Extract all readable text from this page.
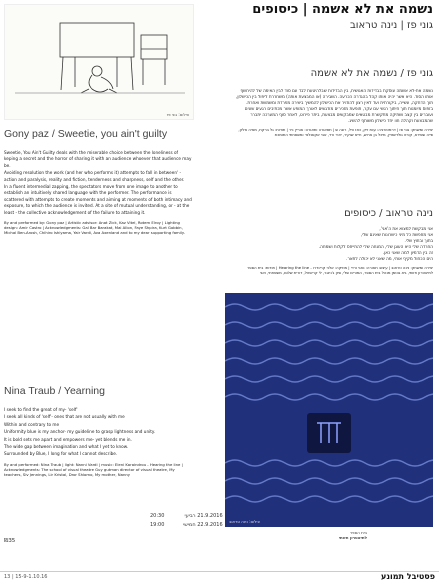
צילום: גוני פז
נשמה את לא אשמה | כיסופים
גוני פז | נינה טראוב
גוני פז / נשמה את לא אשמה

נשמה את-לא אשמה עוסקת בבדידות האנושית, בין הבדידות שבלהיטעת לבד עם סוד לבין האימה של להיחשף אותו הסוד. היא אשר יהיה אותו קהל בהגדרה הכרעה. השבירה (או המבצעת אותה) משחררת ליפול בין הכישלון, תוך הדחקה, עשייה, ביקורתית ועד לאין רצון להחזיר את הכישלון להמשיך ביצירה מפרדת ומשמשת ואחרת.

בזפוס מיומנות תוך חיתוך רגשי עם עקר, תופעת מזכירים מודגשים לאורך המופע אשר מכתיבים רגעים שונים ועוברים בין קצב ושתיקה מתקשרת מבטאים שמבקשים מבצעת, ביתר פירוט, לאחר סוף המערכה יתברר שהמבצעת וקהלה חוו יחד כישלון משותף להשיג.

יצירה ומשחק: גוני פז | דרמטורגיה: ענת זיק, כאז וויל, רונה ש | תפאורה ותאורה: אוריין ניר | תודות: גל ברקת, מאיה אליון, פייה שפירא, קורט גולדשטיין, מיכל בן ארוש, חייא שוקיר, יאיר ורד, אבי אקסנלנד ומשפחתי התומכת
נינה טראוב / כיסופים

אני מבקשת למצוא את ה'אני',

אני מחפשת כל מיני כישרונות שאינם שלי,

בתוך ובחוץ שלי.

החרדה שלי היא העוגן שלי, המנחה שלי להתייחס לקלות ושמחה.

זה בין הדמיון למה שאני כאן.

הים הכחול מקיף אותי, מה שאני לא יכולה לתאר.

יצירה ומשחק: נינה טראוב | עיצוב תאורה: נאני ורדי | מוזיקה: אלני קרינדרו - Hearing the line | תודות: בית הספר לתיאטרון חזותי, גיא גוטמן מנהל בית הספר, המורים שלי, סיון ג'נינגר, לי קריסטל, דורית שלום, משפחתי, ואני
Gony paz / Sweetie, you ain't guilty

Sweetie, You Ain't Guilty deals with the miserable choice between the loneliness of keping a secret and the horror of sharing it with an audience whoever that audience may be.

Avoiding resolution the work (and her who performs it) attempts to fall in between' - action and paralysis, reality and fiction, tenderness and sharpness, self and the other.

In a fluent intermedial zapping, the spectators move from one image to another to establish an intuitively shared language with the performer. The performance is scattered with attempts to create moments and aiming at moments of both intimacy and exposure, to which the audience is invited. At a site of mutual understanding, or - at the least - the collective acknowledgement of the failure to attaining it.

By and preformed by: Gony paz | Artistic advisor: Anat Zick, Kaz Vitel, Rotem Elroy | Lighting design: Amir Castro | Acknowledgments: Gal Bar Barakat, Mai Allon, Faye Shpira, Kurt Gobbin, Michal Ben-Arosh, Chihiro Ishiyama, Yair Vardi, Ava Axenland and to my dear supporting family.
Nina Traub / Yearning

I seek to find the great of my- 'self'

I seek all kinds of 'self'- ones that are not usually with me

Within and contrary to me

Uniformity blue is my anchor- my guideline to grasp lightness and unity.

It is bold sets me apart and empowers me- yet blends me in.

The wide gap between imagination and what I yet to know.

Surrounded by Blue, I long for what I cannot describe.

By and performed: Nina Traub | light: Nanni Vardi | music: Eleni Karaindrou - Hearing the line | Acknowledgments: The school of visual theatre Guy gutman director of visual theatre, My teachers, Siv Jennings, Lir Kristal, Dror Shlomo, My mother, Nanny
צילום: נינה טראוב
20:30	רביעי 21.9.2016
19:00	חמישי 22.9.2016
₪35
בית הספר
לתיאטרון חזותי
13 | 15-9-1.10.16	פסטיבל תמונע
